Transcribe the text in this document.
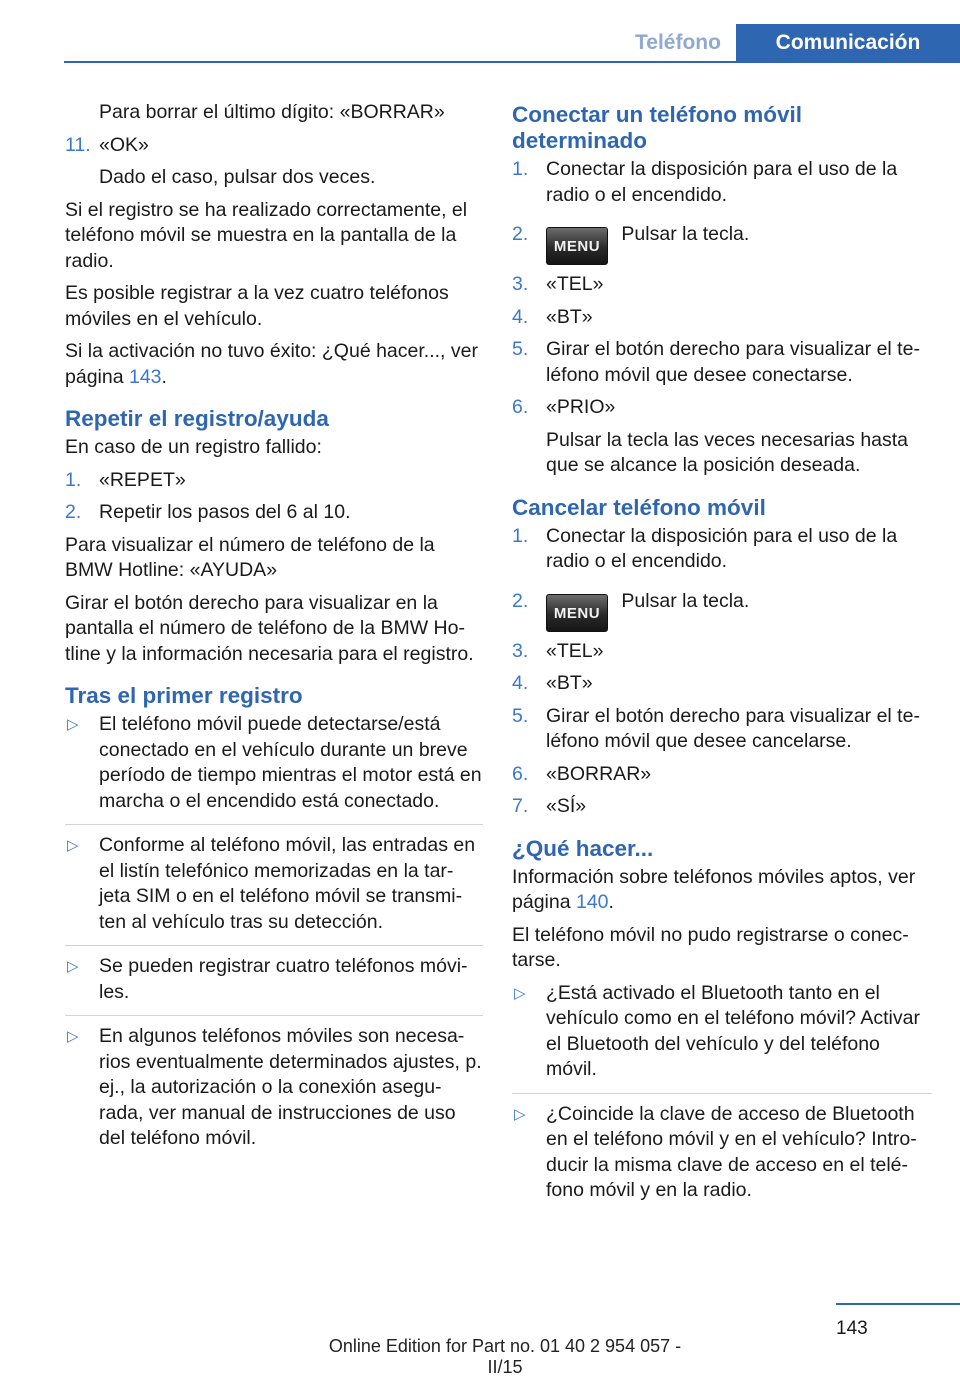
Teléfono	Comunicación

Para borrar el último dígito: «BORRAR»

11. «OK»
Dado el caso, pulsar dos veces.

Si el registro se ha realizado correctamente, el teléfono móvil se muestra en la pantalla de la radio.

Es posible registrar a la vez cuatro teléfonos móviles en el vehículo.

Si la activación no tuvo éxito: ¿Qué hacer..., ver página 143.

Repetir el registro/ayuda

En caso de un registro fallido:

1. «REPET»
2. Repetir los pasos del 6 al 10.

Para visualizar el número de teléfono de la BMW Hotline: «AYUDA»

Girar el botón derecho para visualizar en la pantalla el número de teléfono de la BMW Ho‐ tline y la información necesaria para el registro.

Tras el primer registro
▷ El teléfono móvil puede detectarse/está conectado en el vehículo durante un breve período de tiempo mientras el motor está en marcha o el encendido está conectado.
▷ Conforme al teléfono móvil, las entradas en el listín telefónico memorizadas en la tar‐ jeta SIM o en el teléfono móvil se transmi‐ ten al vehículo tras su detección.
▷ Se pueden registrar cuatro teléfonos móvi‐ les.
▷ En algunos teléfonos móviles son necesa‐ rios eventualmente determinados ajustes, p. ej., la autorización o la conexión asegu‐ rada, ver manual de instrucciones de uso del teléfono móvil.
Conectar un teléfono móvil determinado
1. Conectar la disposición para el uso de la radio o el encendido.
2.
MENU Pulsar la tecla.
3. «TEL»
4. «BT»
5. Girar el botón derecho para visualizar el te‐ léfono móvil que desee conectarse.
6. «PRIO»
Pulsar la tecla las veces necesarias hasta que se alcance la posición deseada.
Cancelar teléfono móvil
1. Conectar la disposición para el uso de la radio o el encendido.
2.
MENU Pulsar la tecla.
3. «TEL»
4. «BT»
5. Girar el botón derecho para visualizar el te‐ léfono móvil que desee cancelarse.
6. «BORRAR»
7. «SÍ»
¿Qué hacer...

Información sobre teléfonos móviles aptos, ver página 140.

El teléfono móvil no pudo registrarse o conec‐ tarse.

▷ ¿Está activado el Bluetooth tanto en el vehículo como en el teléfono móvil? Activar el Bluetooth del vehículo y del teléfono móvil.
▷ ¿Coincide la clave de acceso de Bluetooth en el teléfono móvil y en el vehículo? Intro‐ ducir la misma clave de acceso en el telé‐ fono móvil y en la radio.
143
Online Edition for Part no. 01 40 2 954 057 - II/15
